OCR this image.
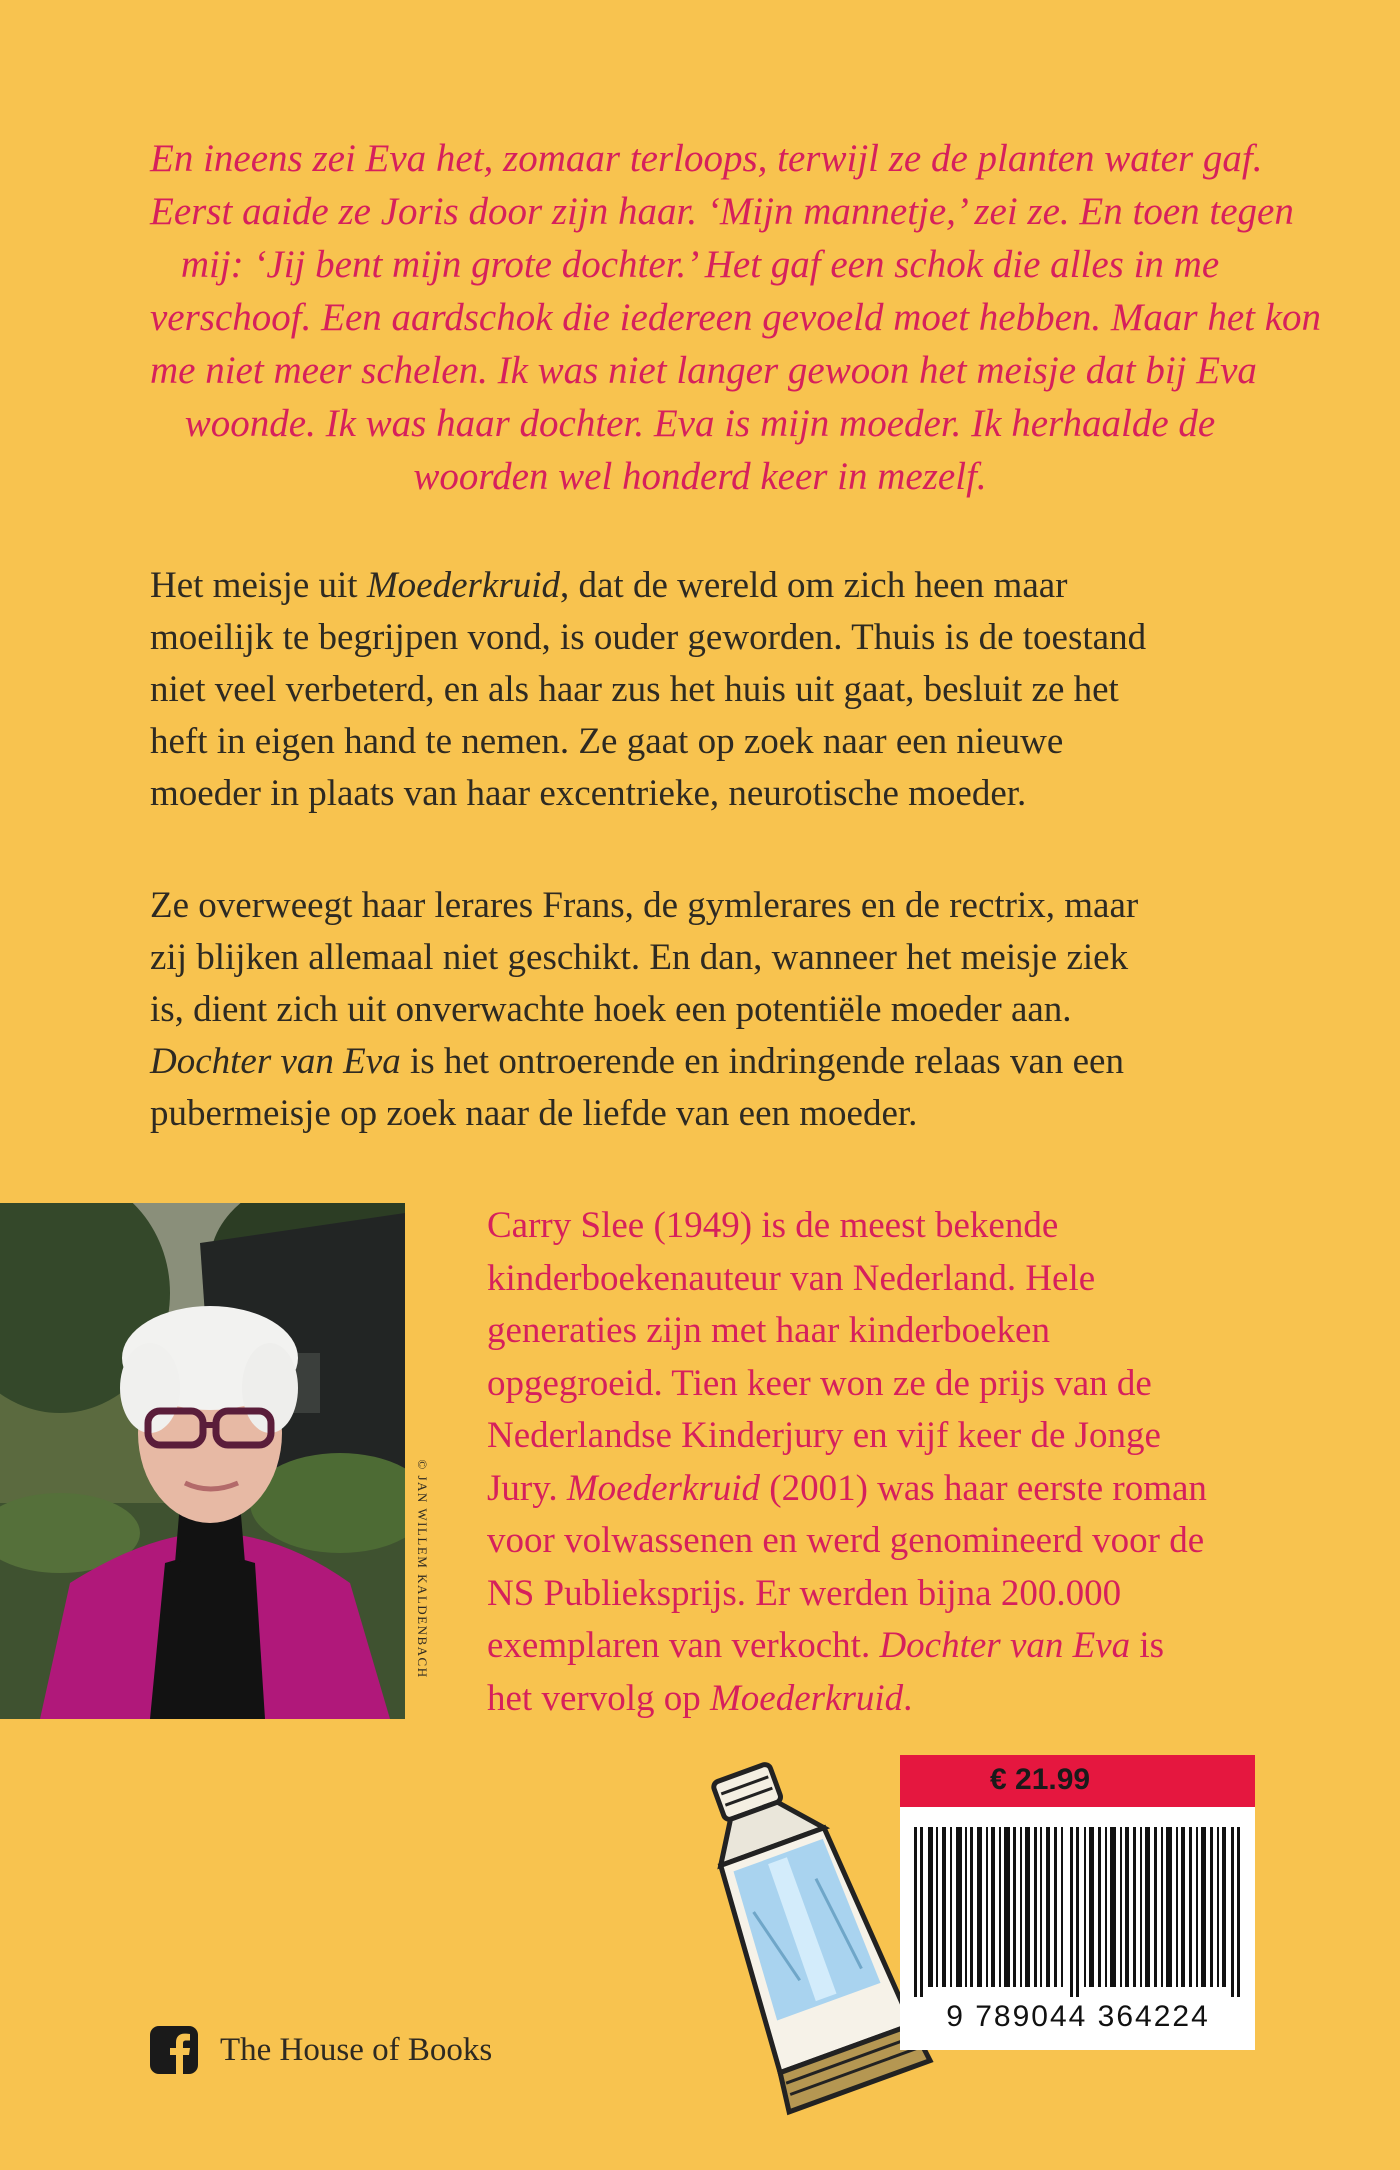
En ineens zei Eva het, zomaar terloops, terwijl ze de planten water gaf.
Eerst aaide ze Joris door zijn haar. ‘Mijn mannetje,’ zei ze. En toen tegen
mij: ‘Jij bent mijn grote dochter.’ Het gaf een schok die alles in me
verschoof. Een aardschok die iedereen gevoeld moet hebben. Maar het kon
me niet meer schelen. Ik was niet langer gewoon het meisje dat bij Eva
woonde. Ik was haar dochter. Eva is mijn moeder. Ik herhaalde de
woorden wel honderd keer in mezelf.
Het meisje uit Moederkruid, dat de wereld om zich heen maar
moeilijk te begrijpen vond, is ouder geworden. Thuis is de toestand
niet veel verbeterd, en als haar zus het huis uit gaat, besluit ze het
heft in eigen hand te nemen. Ze gaat op zoek naar een nieuwe
moeder in plaats van haar excentrieke, neurotische moeder.
Ze overweegt haar lerares Frans, de gymlerares en de rectrix, maar
zij blijken allemaal niet geschikt. En dan, wanneer het meisje ziek
is, dient zich uit onverwachte hoek een potentiële moeder aan.
Dochter van Eva is het ontroerende en indringende relaas van een
pubermeisje op zoek naar de liefde van een moeder.
© JAN WILLEM KALDENBACH
Carry Slee (1949) is de meest bekende
kinderboekenauteur van Nederland. Hele
generaties zijn met haar kinderboeken
opgegroeid. Tien keer won ze de prijs van de
Nederlandse Kinderjury en vijf keer de Jonge
Jury. Moederkruid (2001) was haar eerste roman
voor volwassenen en werd genomineerd voor de
NS Publieksprijs. Er werden bijna 200.000
exemplaren van verkocht. Dochter van Eva is
het vervolg op Moederkruid.
€ 21.99
9 789044 364224
The House of Books
